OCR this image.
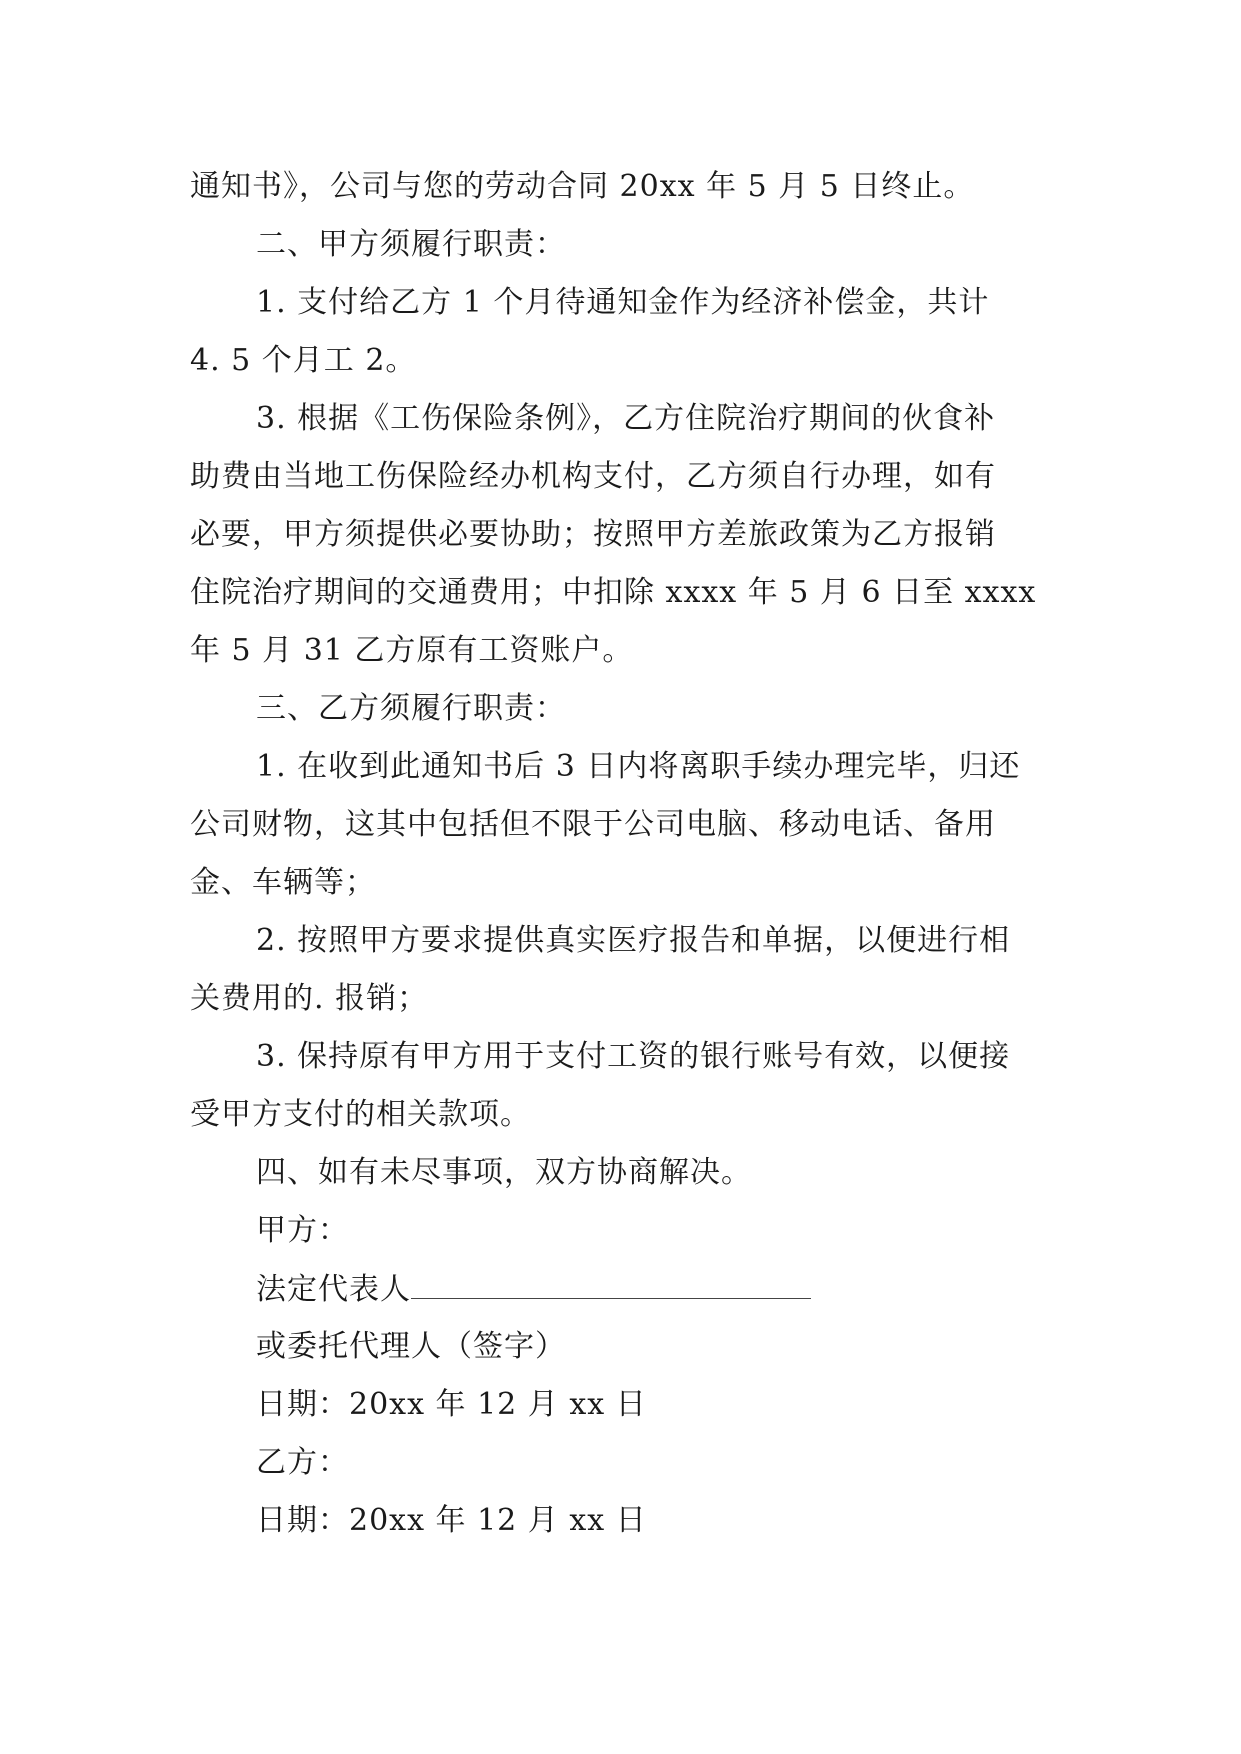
通知书》，公司与您的劳动合同 20xx 年 5 月 5 日终止。
二、甲方须履行职责：
1. 支付给乙方 1 个月待通知金作为经济补偿金，共计
4. 5 个月工 2。
3. 根据《工伤保险条例》，乙方住院治疗期间的伙食补
助费由当地工伤保险经办机构支付，乙方须自行办理，如有
必要，甲方须提供必要协助；按照甲方差旅政策为乙方报销
住院治疗期间的交通费用；中扣除 xxxx 年 5 月 6 日至 xxxx
年 5 月 31 乙方原有工资账户。
三、乙方须履行职责：
1. 在收到此通知书后 3 日内将离职手续办理完毕，归还
公司财物，这其中包括但不限于公司电脑、移动电话、备用
金、车辆等；
2. 按照甲方要求提供真实医疗报告和单据，以便进行相
关费用的. 报销；
3. 保持原有甲方用于支付工资的银行账号有效，以便接
受甲方支付的相关款项。
四、如有未尽事项，双方协商解决。
甲方：
法定代表人
或委托代理人（签字）
日期：20xx 年 12 月 xx 日
乙方：
日期：20xx 年 12 月 xx 日
